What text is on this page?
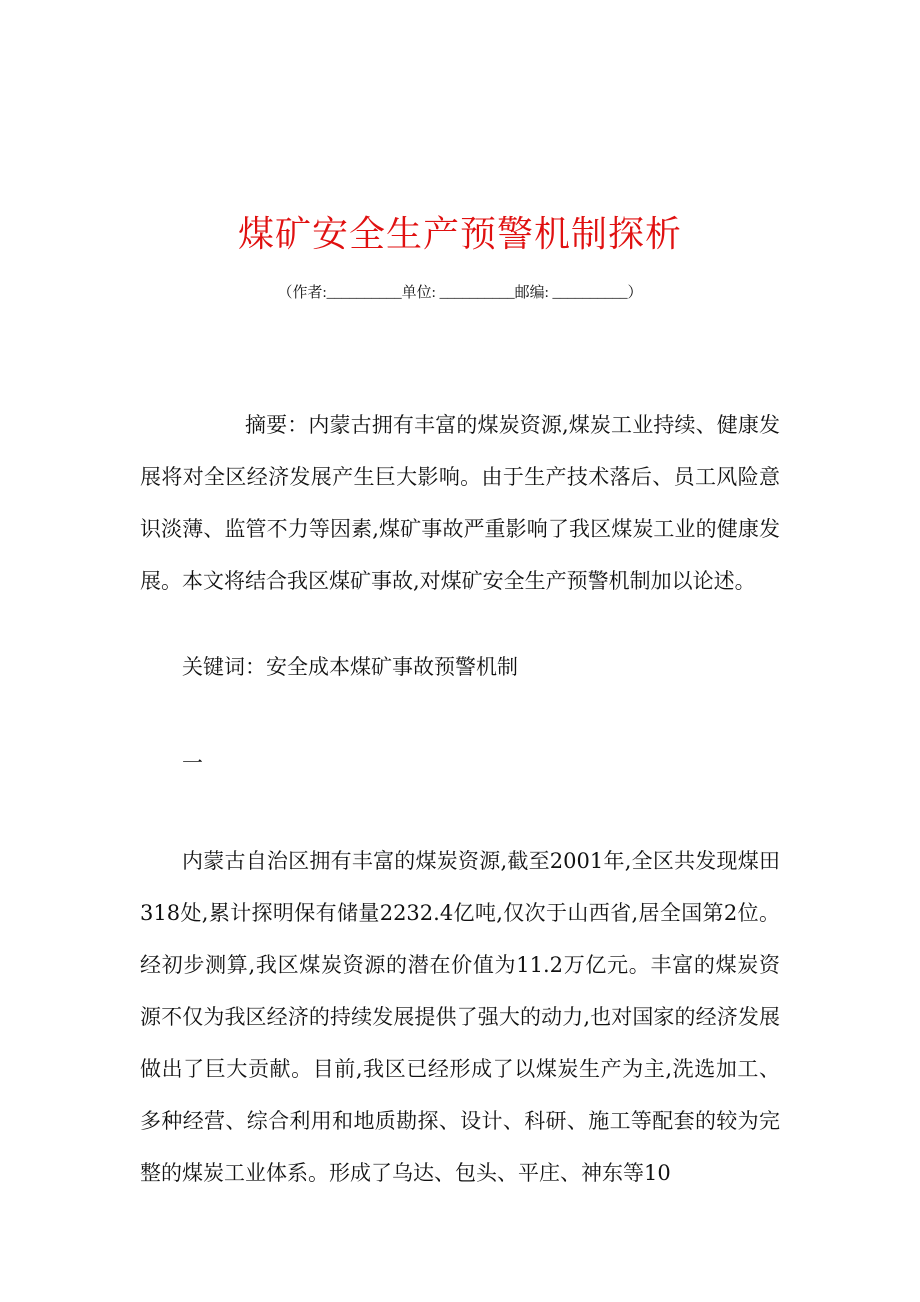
煤矿安全生产预警机制探析
（作者:__________单位: __________邮编: __________）

摘要：内蒙古拥有丰富的煤炭资源,煤炭工业持续、健康发展将对全区经济发展产生巨大影响。由于生产技术落后、员工风险意识淡薄、监管不力等因素,煤矿事故严重影响了我区煤炭工业的健康发展。本文将结合我区煤矿事故,对煤矿安全生产预警机制加以论述。

关键词：安全成本煤矿事故预警机制

一

内蒙古自治区拥有丰富的煤炭资源,截至2001年,全区共发现煤田318处,累计探明保有储量2232.4亿吨,仅次于山西省,居全国第2位。经初步测算,我区煤炭资源的潜在价值为11.2万亿元。丰富的煤炭资源不仅为我区经济的持续发展提供了强大的动力,也对国家的经济发展做出了巨大贡献。目前,我区已经形成了以煤炭生产为主,洗选加工、多种经营、综合利用和地质勘探、设计、科研、施工等配套的较为完整的煤炭工业体系。形成了乌达、包头、平庄、神东等10
